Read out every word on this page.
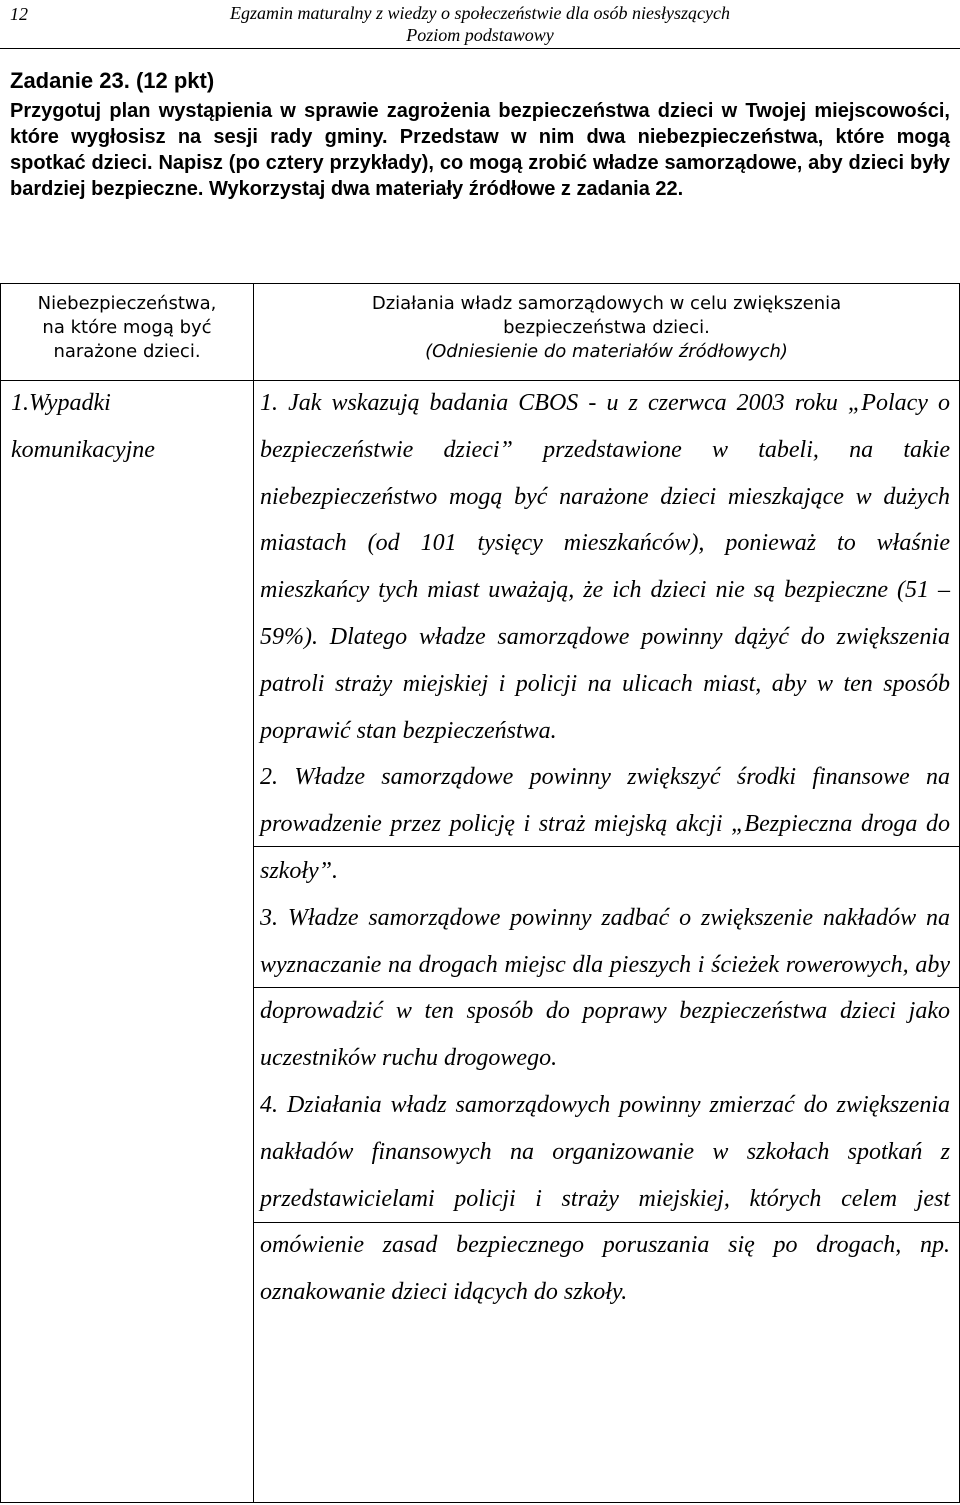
12	Egzamin maturalny z wiedzy o społeczeństwie dla osób niesłyszących
Poziom podstawowy
Zadanie 23. (12 pkt)
Przygotuj plan wystąpienia w sprawie zagrożenia bezpieczeństwa dzieci w Twojej miejscowości, które wygłosisz na sesji rady gminy. Przedstaw w nim dwa niebezpieczeństwa, które mogą spotkać dzieci. Napisz (po cztery przykłady), co mogą zrobić władze samorządowe, aby dzieci były bardziej bezpieczne. Wykorzystaj dwa materiały źródłowe z zadania 22.
Niebezpieczeństwa,
na które mogą być
narażone dzieci.
Działania władz samorządowych w celu zwiększenia
bezpieczeństwa dzieci.
(Odniesienie do materiałów źródłowych)
1.Wypadki komunikacyjne

1. Jak wskazują badania CBOS - u z czerwca 2003 roku „Polacy o bezpieczeństwie dzieci” przedstawione w tabeli, na takie niebezpieczeństwo mogą być narażone dzieci mieszkające w dużych miastach (od 101 tysięcy mieszkańców), ponieważ to właśnie mieszkańcy tych miast uważają, że ich dzieci nie są bezpieczne (51 – 59%). Dlatego władze samorządowe powinny dążyć do zwiększenia patroli straży miejskiej i policji na ulicach miast, aby w ten sposób poprawić stan bezpieczeństwa.

2. Władze samorządowe powinny zwiększyć środki finansowe na prowadzenie przez policję i straż miejską akcji „Bezpieczna droga do szkoły”.

3. Władze samorządowe powinny zadbać o zwiększenie nakładów na wyznaczanie na drogach miejsc dla pieszych i ścieżek rowerowych, aby doprowadzić w ten sposób do poprawy bezpieczeństwa dzieci jako uczestników ruchu drogowego.

4. Działania władz samorządowych powinny zmierzać do zwiększenia nakładów finansowych na organizowanie w szkołach spotkań z przedstawicielami policji i straży miejskiej, których celem jest omówienie zasad bezpiecznego poruszania się po drogach, np. oznakowanie dzieci idących do szkoły.
